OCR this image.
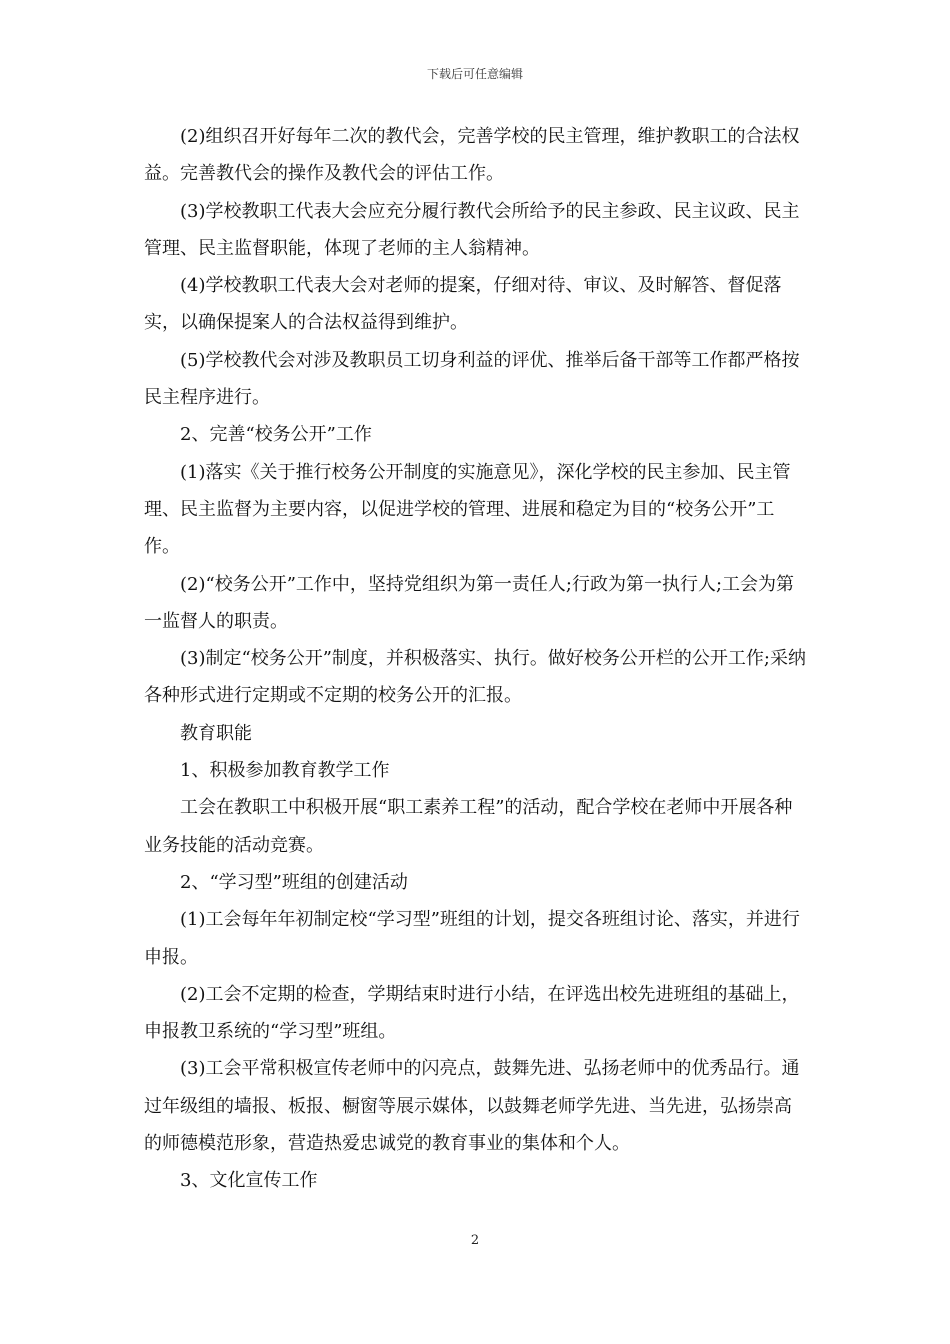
下载后可任意编辑

(2)组织召开好每年二次的教代会，完善学校的民主管理，维护教职工的合法权益。完善教代会的操作及教代会的评估工作。

(3)学校教职工代表大会应充分履行教代会所给予的民主参政、民主议政、民主管理、民主监督职能，体现了老师的主人翁精神。

(4)学校教职工代表大会对老师的提案，仔细对待、审议、及时解答、督促落实，以确保提案人的合法权益得到维护。

(5)学校教代会对涉及教职员工切身利益的评优、推举后备干部等工作都严格按民主程序进行。

2、完善“校务公开”工作

(1)落实《关于推行校务公开制度的实施意见》，深化学校的民主参加、民主管理、民主监督为主要内容，以促进学校的管理、进展和稳定为目的“校务公开”工作。

(2)“校务公开”工作中，坚持党组织为第一责任人;行政为第一执行人;工会为第一监督人的职责。

(3)制定“校务公开”制度，并积极落实、执行。做好校务公开栏的公开工作;采纳各种形式进行定期或不定期的校务公开的汇报。

教育职能

1、积极参加教育教学工作

工会在教职工中积极开展“职工素养工程”的活动，配合学校在老师中开展各种业务技能的活动竞赛。

2、“学习型”班组的创建活动

(1)工会每年年初制定校“学习型”班组的计划，提交各班组讨论、落实，并进行申报。

(2)工会不定期的检查，学期结束时进行小结，在评选出校先进班组的基础上，申报教卫系统的“学习型”班组。

(3)工会平常积极宣传老师中的闪亮点，鼓舞先进、弘扬老师中的优秀品行。通过年级组的墙报、板报、橱窗等展示媒体，以鼓舞老师学先进、当先进，弘扬崇高的师德模范形象，营造热爱忠诚党的教育事业的集体和个人。

3、文化宣传工作

2
